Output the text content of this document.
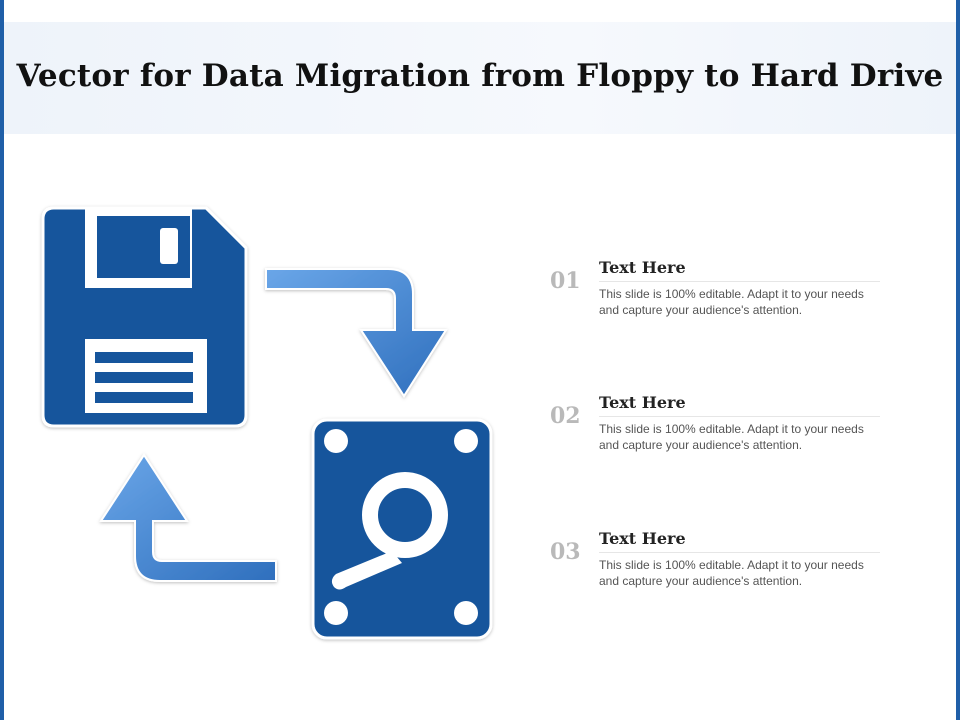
Vector for Data Migration from Floppy to Hard Drive
01
Text Here
This slide is 100% editable. Adapt it to your needs and capture your audience's attention.
02
Text Here
This slide is 100% editable. Adapt it to your needs and capture your audience's attention.
03
Text Here
This slide is 100% editable. Adapt it to your needs and capture your audience's attention.
